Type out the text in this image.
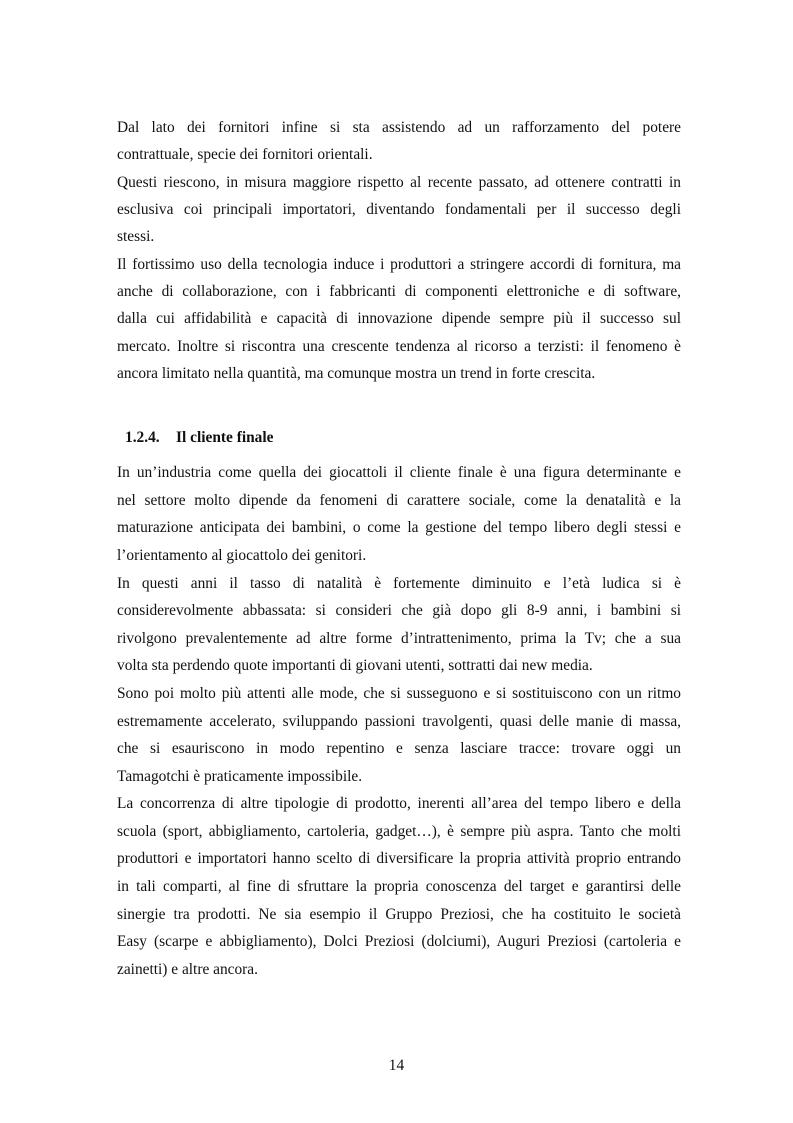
Dal lato dei fornitori infine si sta assistendo ad un rafforzamento del potere
contrattuale, specie dei fornitori orientali.
Questi riescono, in misura maggiore rispetto al recente passato, ad ottenere contratti in
esclusiva coi principali importatori, diventando fondamentali per il successo degli
stessi.
Il fortissimo uso della tecnologia induce i produttori a stringere accordi di fornitura, ma
anche di collaborazione, con i fabbricanti di componenti elettroniche e di software,
dalla cui affidabilità e capacità di innovazione dipende sempre più il successo sul
mercato. Inoltre si riscontra una crescente tendenza al ricorso a terzisti: il fenomeno è
ancora limitato nella quantità, ma comunque mostra un trend in forte crescita.
1.2.4. Il cliente finale
In un’industria come quella dei giocattoli il cliente finale è una figura determinante e
nel settore molto dipende da fenomeni di carattere sociale, come la denatalità e la
maturazione anticipata dei bambini, o come la gestione del tempo libero degli stessi e
l’orientamento al giocattolo dei genitori.
In questi anni il tasso di natalità è fortemente diminuito e l’età ludica si è
considerevolmente abbassata: si consideri che già dopo gli 8-9 anni, i bambini si
rivolgono prevalentemente ad altre forme d’intrattenimento, prima la Tv; che a sua
volta sta perdendo quote importanti di giovani utenti, sottratti dai new media.
Sono poi molto più attenti alle mode, che si susseguono e si sostituiscono con un ritmo
estremamente accelerato, sviluppando passioni travolgenti, quasi delle manie di massa,
che si esauriscono in modo repentino e senza lasciare tracce: trovare oggi un
Tamagotchi è praticamente impossibile.
La concorrenza di altre tipologie di prodotto, inerenti all’area del tempo libero e della
scuola (sport, abbigliamento, cartoleria, gadget…), è sempre più aspra. Tanto che molti
produttori e importatori hanno scelto di diversificare la propria attività proprio entrando
in tali comparti, al fine di sfruttare la propria conoscenza del target e garantirsi delle
sinergie tra prodotti. Ne sia esempio il Gruppo Preziosi, che ha costituito le società
Easy (scarpe e abbigliamento), Dolci Preziosi (dolciumi), Auguri Preziosi (cartoleria e
zainetti) e altre ancora.
14
